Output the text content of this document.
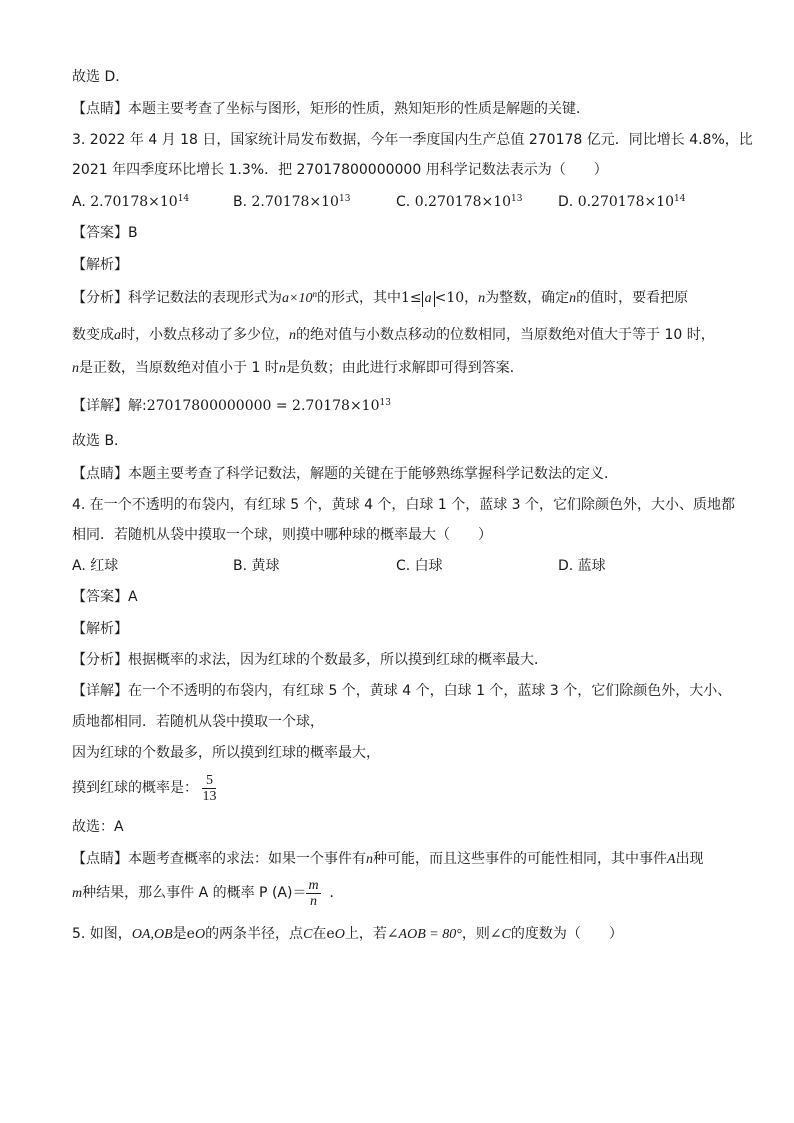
故选 D．
【点睛】本题主要考查了坐标与图形，矩形的性质，熟知矩形的性质是解题的关键．
3. 2022 年 4 月 18 日，国家统计局发布数据，今年一季度国内生产总值 270178 亿元．同比增长 4.8%，比
2021 年四季度环比增长 1.3%．把 27017800000000 用科学记数法表示为（　　）
A. $2.70178\times 10^{14}$	B. $2.70178\times 10^{13}$	C. $0.270178\times 10^{13}$	D. $0.270178\times 10^{14}$
【答案】B
【解析】
【分析】科学记数法的表现形式为$a\times 10^n$的形式，其中1≤ a <10，n为整数，确定n的值时，要看把原
数变成a时，小数点移动了多少位，n的绝对值与小数点移动的位数相同，当原数绝对值大于等于 10 时，
n是正数，当原数绝对值小于 1 时n是负数；由此进行求解即可得到答案．
【详解】解:27017800000000 = $2.70178\times 10^{13}$
故选 B．
【点睛】本题主要考查了科学记数法，解题的关键在于能够熟练掌握科学记数法的定义．
4. 在一个不透明的布袋内，有红球 5 个，黄球 4 个，白球 1 个，蓝球 3 个，它们除颜色外，大小、质地都
相同．若随机从袋中摸取一个球，则摸中哪种球的概率最大（　　）
A. 红球	B. 黄球	C. 白球	D. 蓝球
【答案】A
【解析】
【分析】根据概率的求法，因为红球的个数最多，所以摸到红球的概率最大．
【详解】在一个不透明的布袋内，有红球 5 个，黄球 4 个，白球 1 个，蓝球 3 个，它们除颜色外，大小、
质地都相同．若随机从袋中摸取一个球，
因为红球的个数最多，所以摸到红球的概率最大，
摸到红球的概率是： $\frac{5}{13}$
故选：A
【点睛】本题考查概率的求法：如果一个事件有n种可能，而且这些事件的可能性相同，其中事件A出现
m种结果，那么事件 A 的概率 P $(A)= \frac{m}{n}$ ．
5. 如图，OA,OB是eO的两条半径，点C在eO上，若∠AOB = 80°，则∠C的度数为（　　）
